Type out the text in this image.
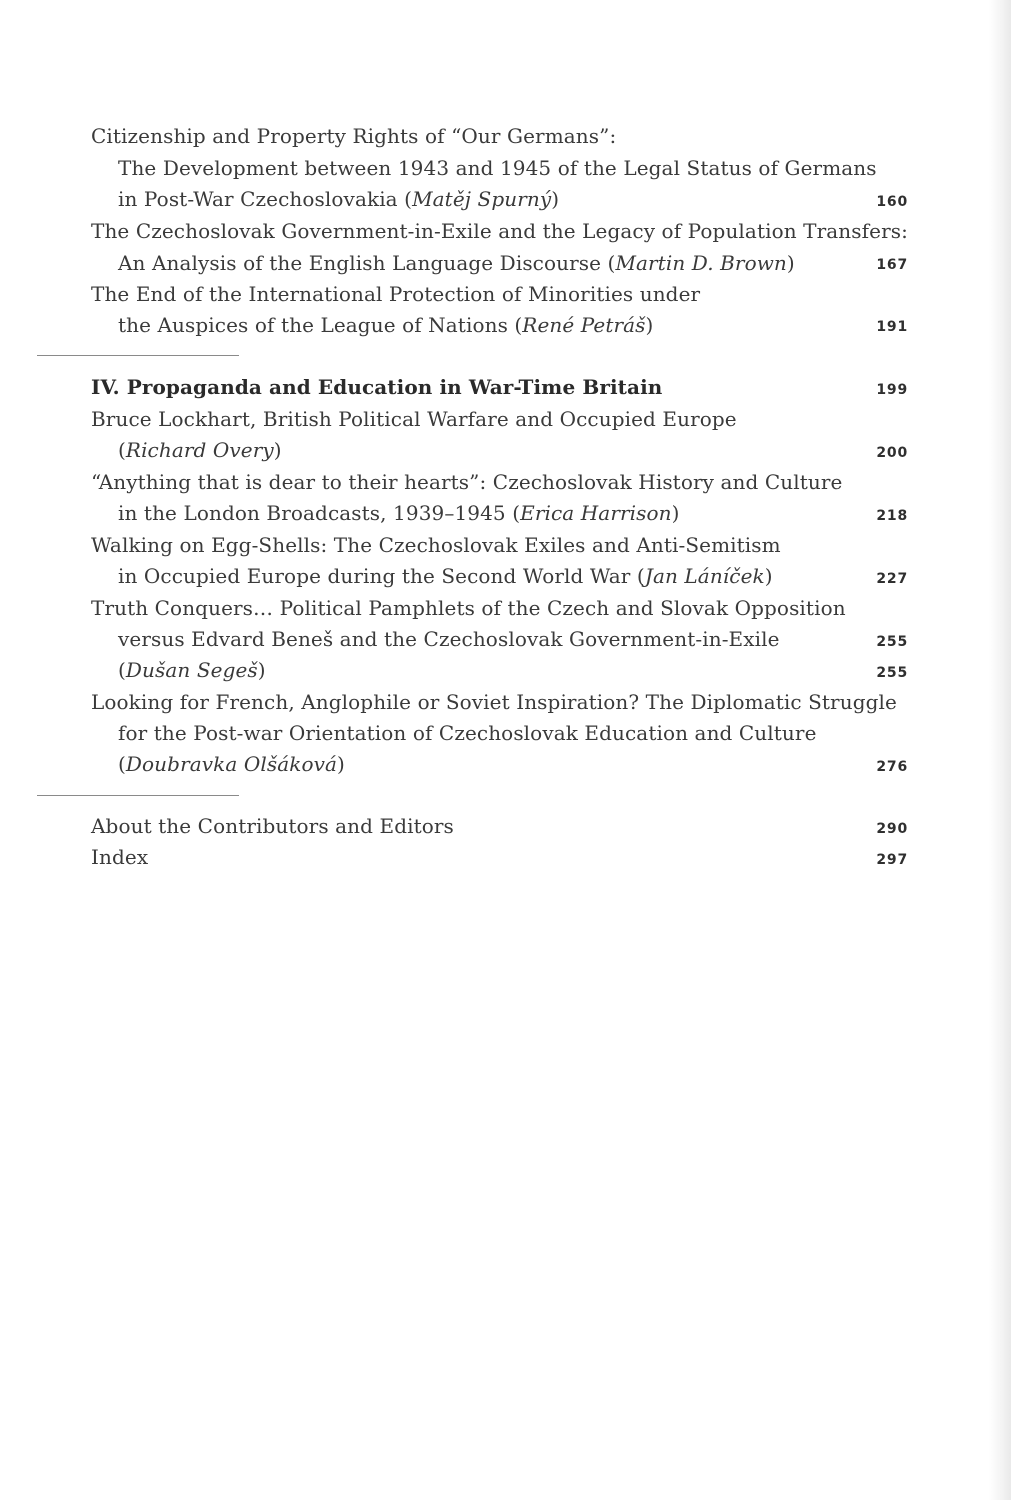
Citizenship and Property Rights of “Our Germans”:
The Development between 1943 and 1945 of the Legal Status of Germans
in Post-War Czechoslovakia (Matěj Spurný)	160
The Czechoslovak Government-in-Exile and the Legacy of Population Transfers:
An Analysis of the English Language Discourse (Martin D. Brown)	167
The End of the International Protection of Minorities under
the Auspices of the League of Nations (René Petráš)	191
IV. Propaganda and Education in War-Time Britain	199
Bruce Lockhart, British Political Warfare and Occupied Europe
(Richard Overy)	200
“Anything that is dear to their hearts”: Czechoslovak History and Culture
in the London Broadcasts, 1939–1945 (Erica Harrison)	218
Walking on Egg-Shells: The Czechoslovak Exiles and Anti-Semitism
in Occupied Europe during the Second World War (Jan Láníček)	227
Truth Conquers… Political Pamphlets of the Czech and Slovak Opposition
versus Edvard Beneš and the Czechoslovak Government-in-Exile	255
(Dušan Segeš)	255
Looking for French, Anglophile or Soviet Inspiration? The Diplomatic Struggle
for the Post-war Orientation of Czechoslovak Education and Culture
(Doubravka Olšáková)	276
About the Contributors and Editors	290
Index	297
